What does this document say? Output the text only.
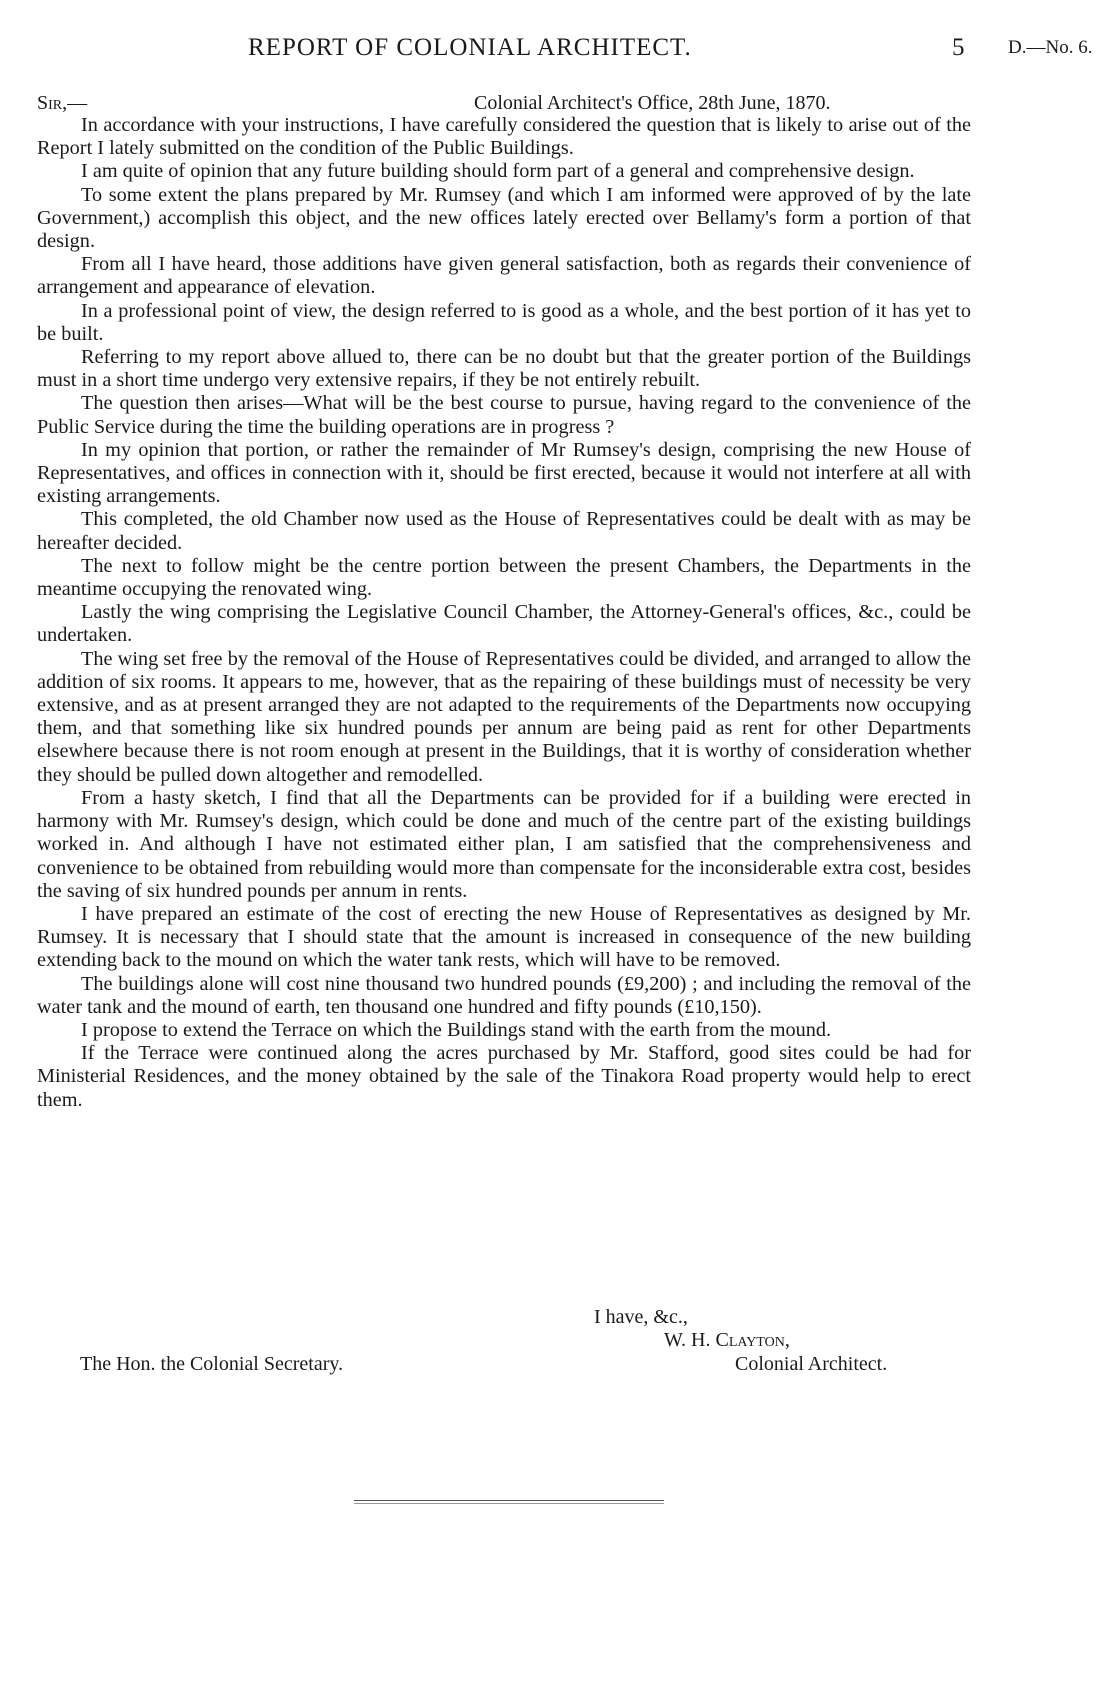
REPORT OF COLONIAL ARCHITECT.	5 D.—No. 6.
Sir,—	Colonial Architect's Office, 28th June, 1870.

In accordance with your instructions, I have carefully considered the question that is likely to arise out of the Report I lately submitted on the condition of the Public Buildings.

I am quite of opinion that any future building should form part of a general and comprehensive design.

To some extent the plans prepared by Mr. Rumsey (and which I am informed were approved of by the late Government,) accomplish this object, and the new offices lately erected over Bellamy's form a portion of that design.

From all I have heard, those additions have given general satisfaction, both as regards their convenience of arrangement and appearance of elevation.

In a professional point of view, the design referred to is good as a whole, and the best portion of it has yet to be built.

Referring to my report above allued to, there can be no doubt but that the greater portion of the Buildings must in a short time undergo very extensive repairs, if they be not entirely rebuilt.

The question then arises—What will be the best course to pursue, having regard to the convenience of the Public Service during the time the building operations are in progress ?

In my opinion that portion, or rather the remainder of Mr Rumsey's design, comprising the new House of Representatives, and offices in connection with it, should be first erected, because it would not interfere at all with existing arrangements.

This completed, the old Chamber now used as the House of Representatives could be dealt with as may be hereafter decided.

The next to follow might be the centre portion between the present Chambers, the Departments in the meantime occupying the renovated wing.

Lastly the wing comprising the Legislative Council Chamber, the Attorney-General's offices, &c., could be undertaken.

The wing set free by the removal of the House of Representatives could be divided, and arranged to allow the addition of six rooms. It appears to me, however, that as the repairing of these buildings must of necessity be very extensive, and as at present arranged they are not adapted to the requirements of the Departments now occupying them, and that something like six hundred pounds per annum are being paid as rent for other Departments elsewhere because there is not room enough at present in the Buildings, that it is worthy of consideration whether they should be pulled down altogether and remodelled.

From a hasty sketch, I find that all the Departments can be provided for if a building were erected in harmony with Mr. Rumsey's design, which could be done and much of the centre part of the existing buildings worked in. And although I have not estimated either plan, I am satisfied that the comprehensiveness and convenience to be obtained from rebuilding would more than compensate for the inconsiderable extra cost, besides the saving of six hundred pounds per annum in rents.

I have prepared an estimate of the cost of erecting the new House of Representatives as designed by Mr. Rumsey. It is necessary that I should state that the amount is increased in consequence of the new building extending back to the mound on which the water tank rests, which will have to be removed.

The buildings alone will cost nine thousand two hundred pounds (£9,200) ; and including the removal of the water tank and the mound of earth, ten thousand one hundred and fifty pounds (£10,150).

I propose to extend the Terrace on which the Buildings stand with the earth from the mound.

If the Terrace were continued along the acres purchased by Mr. Stafford, good sites could be had for Ministerial Residences, and the money obtained by the sale of the Tinakora Road property would help to erect them.

I have, &c.,
W. H. Clayton,
The Hon. the Colonial Secretary.	Colonial Architect.
